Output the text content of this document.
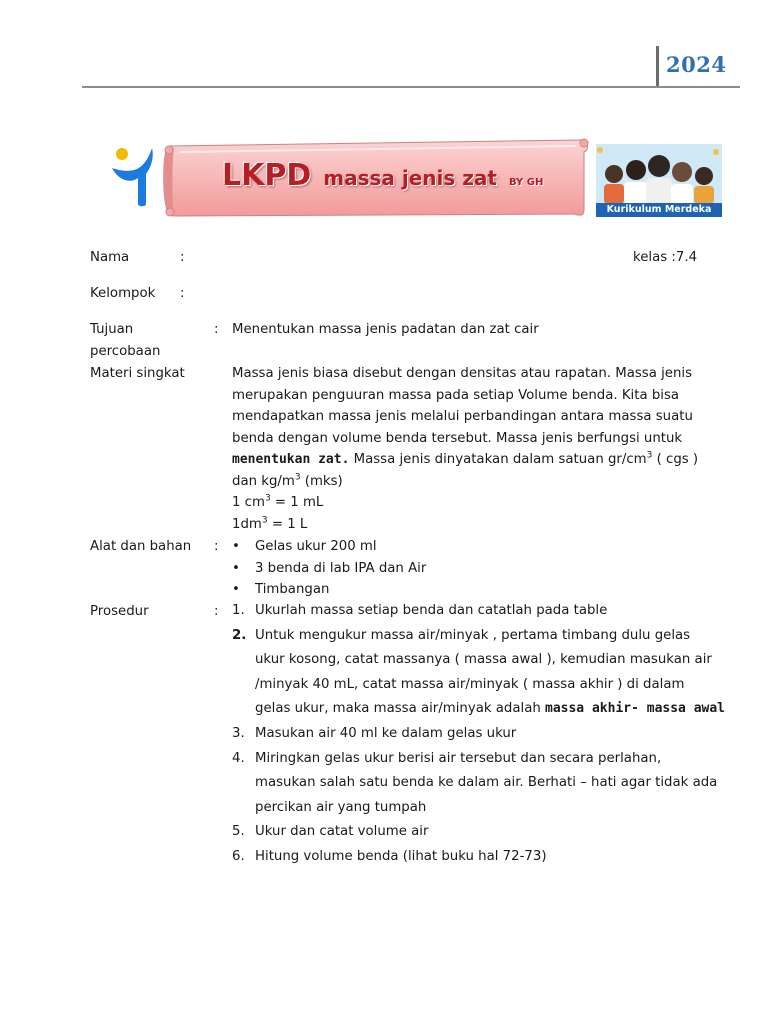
2024
LKPD massa jenis zat BY GH
Kurikulum Merdeka
Nama	:	kelas :7.4
Kelompok	:
Tujuan
percobaan
:	Menentukan massa jenis padatan dan zat cair
Materi singkat	Massa jenis biasa disebut dengan densitas atau rapatan. Massa jenis
merupakan penguuran massa pada setiap Volume benda. Kita bisa
mendapatkan massa jenis melalui perbandingan antara massa suatu
benda dengan volume benda tersebut. Massa jenis berfungsi untuk
menentukan zat. Massa jenis dinyatakan dalam satuan $gr/cm^3$ ( cgs )
dan $kg/m^3$ (mks)
1 $cm^3 = 1$ mL
$1dm^3 = 1$ L
Alat dan bahan	:	•	Gelas ukur 200 ml
•	3 benda di lab IPA dan Air
•	Timbangan
Prosedur	:	1. Ukurlah massa setiap benda dan catatlah pada table
2. Untuk mengukur massa air/minyak , pertama timbang dulu gelas
ukur kosong, catat massanya ( massa awal ), kemudian masukan air
/minyak 40 mL, catat massa air/minyak ( massa akhir ) di dalam
gelas ukur, maka massa air/minyak adalah massa akhir- massa awal
3. Masukan air 40 ml ke dalam gelas ukur
4. Miringkan gelas ukur berisi air tersebut dan secara perlahan,
masukan salah satu benda ke dalam air. Berhati – hati agar tidak ada
percikan air yang tumpah
5. Ukur dan catat volume air
6. Hitung volume benda (lihat buku hal 72-73)
